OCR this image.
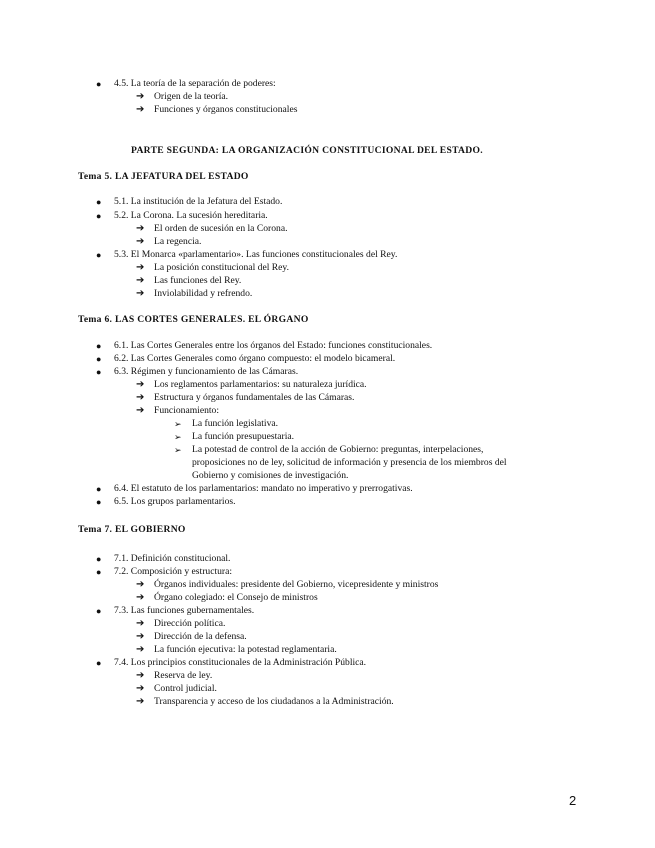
● 4.5. La teoría de la separación de poderes:
➔ Origen de la teoría.
➔ Funciones y órganos constitucionales
PARTE SEGUNDA: LA ORGANIZACIÓN CONSTITUCIONAL DEL ESTADO.
Tema 5. LA JEFATURA DEL ESTADO
● 5.1. La institución de la Jefatura del Estado.
● 5.2. La Corona. La sucesión hereditaria.
➔ El orden de sucesión en la Corona.
➔ La regencia.
● 5.3. El Monarca «parlamentario». Las funciones constitucionales del Rey.
➔ La posición constitucional del Rey.
➔ Las funciones del Rey.
➔ Inviolabilidad y refrendo.
Tema 6. LAS CORTES GENERALES. EL ÓRGANO
● 6.1. Las Cortes Generales entre los órganos del Estado: funciones constitucionales.
● 6.2. Las Cortes Generales como órgano compuesto: el modelo bicameral.
● 6.3. Régimen y funcionamiento de las Cámaras.
➔ Los reglamentos parlamentarios: su naturaleza jurídica.
➔ Estructura y órganos fundamentales de las Cámaras.
➔ Funcionamiento:
➢ La función legislativa.
➢ La función presupuestaria.
➢ La potestad de control de la acción de Gobierno: preguntas, interpelaciones,
proposiciones no de ley, solicitud de información y presencia de los miembros del
Gobierno y comisiones de investigación.
● 6.4. El estatuto de los parlamentarios: mandato no imperativo y prerrogativas.
● 6.5. Los grupos parlamentarios.
Tema 7. EL GOBIERNO
● 7.1. Definición constitucional.
● 7.2. Composición y estructura:
➔ Órganos individuales: presidente del Gobierno, vicepresidente y ministros
➔ Órgano colegiado: el Consejo de ministros
● 7.3. Las funciones gubernamentales.
➔ Dirección política.
➔ Dirección de la defensa.
➔ La función ejecutiva: la potestad reglamentaria.
● 7.4. Los principios constitucionales de la Administración Pública.
➔ Reserva de ley.
➔ Control judicial.
➔ Transparencia y acceso de los ciudadanos a la Administración.
2
